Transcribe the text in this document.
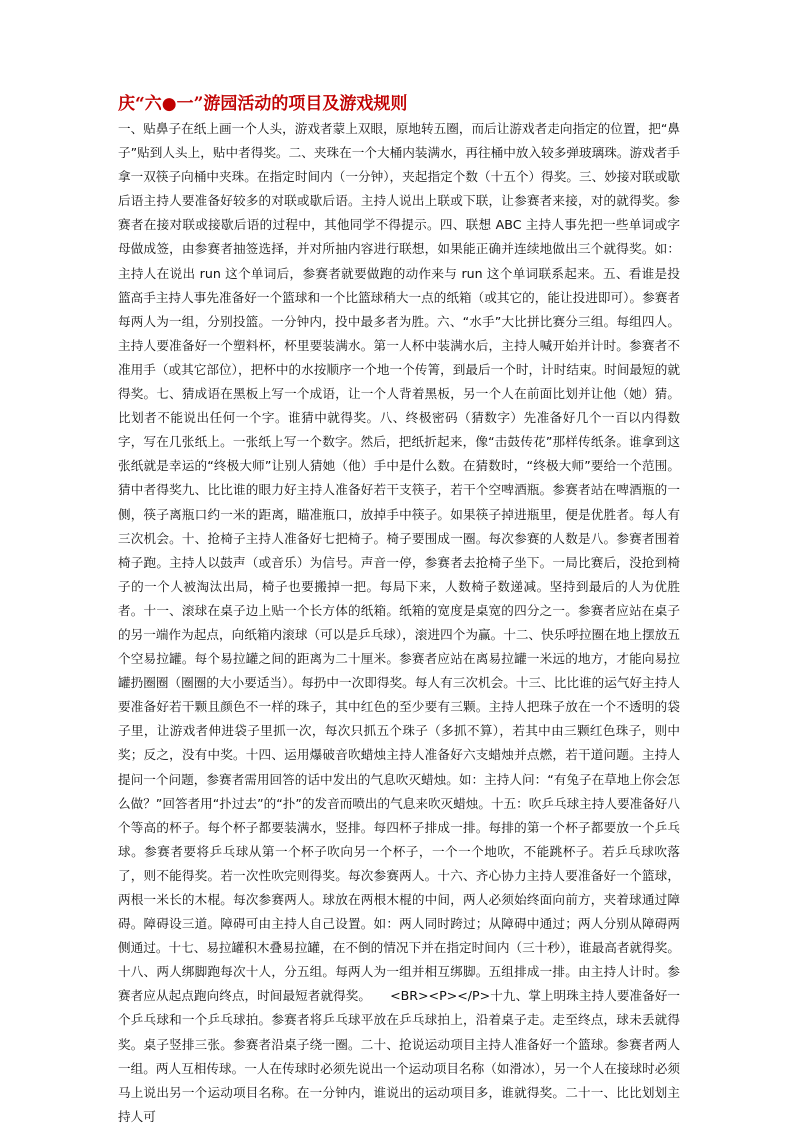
庆“六●一”游园活动的项目及游戏规则

一、贴鼻子在纸上画一个人头，游戏者蒙上双眼，原地转五圈，而后让游戏者走向指定的位置，把“鼻子”贴到人头上，贴中者得奖。二、夹珠在一个大桶内装满水，再往桶中放入较多弹玻璃珠。游戏者手拿一双筷子向桶中夹珠。在指定时间内（一分钟），夹起指定个数（十五个）得奖。三、妙接对联或歇后语主持人要准备好较多的对联或歇后语。主持人说出上联或下联，让参赛者来接，对的就得奖。参赛者在接对联或接歇后语的过程中，其他同学不得提示。四、联想 ABC 主持人事先把一些单词或字母做成签，由参赛者抽签选择，并对所抽内容进行联想，如果能正确并连续地做出三个就得奖。如：主持人在说出 run 这个单词后，参赛者就要做跑的动作来与 run 这个单词联系起来。五、看谁是投篮高手主持人事先准备好一个篮球和一个比篮球稍大一点的纸箱（或其它的，能让投进即可）。参赛者每两人为一组，分别投篮。一分钟内，投中最多者为胜。六、“水手”大比拼比赛分三组。每组四人。主持人要准备好一个塑料杯，杯里要装满水。第一人杯中装满水后，主持人喊开始并计时。参赛者不准用手（或其它部位），把杯中的水按顺序一个地一个传箐，到最后一个时，计时结束。时间最短的就得奖。七、猜成语在黑板上写一个成语，让一个人背着黑板，另一个人在前面比划并让他（她）猜。比划者不能说出任何一个字。谁猜中就得奖。八、终极密码（猜数字）先准备好几个一百以内得数字，写在几张纸上。一张纸上写一个数字。然后，把纸折起来，像“击鼓传花”那样传纸条。谁拿到这张纸就是幸运的“终极大师”让别人猜她（他）手中是什么数。在猜数时，“终极大师”要给一个范围。猜中者得奖九、比比谁的眼力好主持人准备好若干支筷子，若干个空啤酒瓶。参赛者站在啤酒瓶的一侧，筷子离瓶口约一米的距离，瞄准瓶口，放掉手中筷子。如果筷子掉进瓶里，便是优胜者。每人有三次机会。十、抢椅子主持人准备好七把椅子。椅子要围成一圈。每次参赛的人数是八。参赛者围着椅子跑。主持人以鼓声（或音乐）为信号。声音一停，参赛者去抢椅子坐下。一局比赛后，没抢到椅子的一个人被淘汰出局，椅子也要搬掉一把。每局下来，人数椅子数递减。坚持到最后的人为优胜者。十一、滚球在桌子边上贴一个长方体的纸箱。纸箱的宽度是桌宽的四分之一。参赛者应站在桌子的另一端作为起点，向纸箱内滚球（可以是乒乓球），滚进四个为赢。十二、快乐呼拉圈在地上摆放五个空易拉罐。每个易拉罐之间的距离为二十厘米。参赛者应站在离易拉罐一米远的地方，才能向易拉罐扔圈圈（圈圈的大小要适当）。每扔中一次即得奖。每人有三次机会。十三、比比谁的运气好主持人要准备好若干颗且颜色不一样的珠子，其中红色的至少要有三颗。主持人把珠子放在一个不透明的袋子里，让游戏者伸进袋子里抓一次，每次只抓五个珠子（多抓不算），若其中由三颗红色珠子，则中奖；反之，没有中奖。十四、运用爆破音吹蜡烛主持人准备好六支蜡烛并点燃，若干道问题。主持人提问一个问题，参赛者需用回答的话中发出的气息吹灭蜡烛。如：主持人问：“有兔子在草地上你会怎么做？”回答者用“扑过去”的“扑”的发音而喷出的气息来吹灭蜡烛。十五：吹乒乓球主持人要准备好八个等高的杯子。每个杯子都要装满水，竖排。每四杯子排成一排。每排的第一个杯子都要放一个乒乓球。参赛者要将乒乓球从第一个杯子吹向另一个杯子，一个一个地吹，不能跳杯子。若乒乓球吹落了，则不能得奖。若一次性吹完则得奖。每次参赛两人。十六、齐心协力主持人要准备好一个篮球，两根一米长的木棍。每次参赛两人。球放在两根木棍的中间，两人必须始终面向前方，夹着球通过障碍。障碍设三道。障碍可由主持人自己设置。如：两人同时跨过；从障碍中通过；两人分别从障碍两侧通过。十七、易拉罐积木叠易拉罐，在不倒的情况下并在指定时间内（三十秒），谁最高者就得奖。十八、两人绑脚跑每次十人，分五组。每两人为一组并相互绑脚。五组排成一排。由主持人计时。参赛者应从起点跑向终点，时间最短者就得奖。　　<BR><P></P>十九、掌上明珠主持人要准备好一个乒乓球和一个乒乓球拍。参赛者将乒乓球平放在乒乓球拍上，沿着桌子走。走至终点，球未丢就得奖。桌子竖排三张。参赛者沿桌子绕一圈。二十、抢说运动项目主持人准备好一个篮球。参赛者两人一组。两人互相传球。一人在传球时必须先说出一个运动项目名称（如滑冰），另一个人在接球时必须马上说出另一个运动项目名称。在一分钟内，谁说出的运动项目多，谁就得奖。二十一、比比划划主持人可
